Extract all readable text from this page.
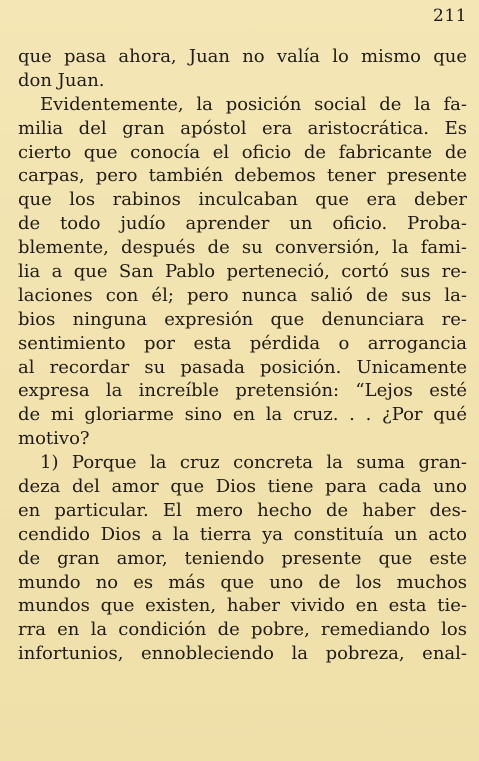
211
que pasa ahora, Juan no valía lo mismo que
don Juan.
Evidentemente, la posición social de la fa-
milia del gran apóstol era aristocrática. Es
cierto que conocía el oficio de fabricante de
carpas, pero también debemos tener presente
que los rabinos inculcaban que era deber
de todo judío aprender un oficio. Proba-
blemente, después de su conversión, la fami-
lia a que San Pablo perteneció, cortó sus re-
laciones con él; pero nunca salió de sus la-
bios ninguna expresión que denunciara re-
sentimiento por esta pérdida o arrogancia
al recordar su pasada posición. Unicamente
expresa la increíble pretensión: “Lejos esté
de mi gloriarme sino en la cruz. . . ¿Por qué
motivo?
1) Porque la cruz concreta la suma gran-
deza del amor que Dios tiene para cada uno
en particular. El mero hecho de haber des-
cendido Dios a la tierra ya constituía un acto
de gran amor, teniendo presente que este
mundo no es más que uno de los muchos
mundos que existen, haber vivido en esta tie-
rra en la condición de pobre, remediando los
infortunios, ennobleciendo la pobreza, enal-
